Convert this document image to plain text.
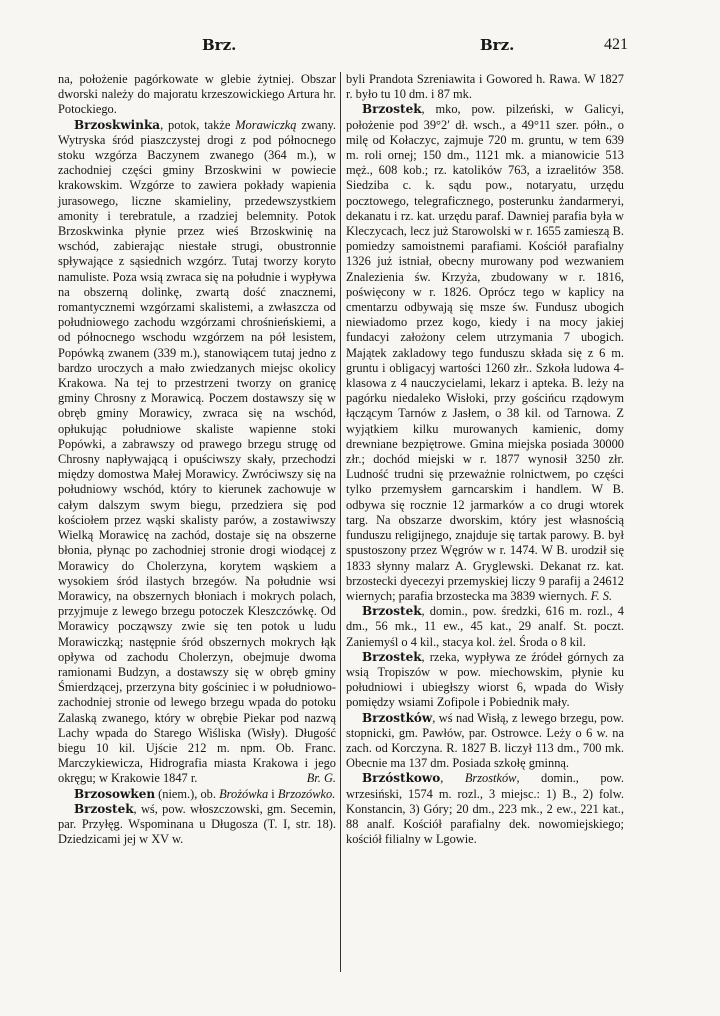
Brz.	Brz.	421

na, położenie pagórkowate w glebie żytniej. Obszar dworski należy do majoratu krzeszowickiego Artura hr. Potockiego.

Brzoskwinka, potok, także Morawiczką zwany. Wytryska śród piaszczystej drogi z pod północnego stoku wzgórza Baczynem zwanego (364 m.), w zachodniej części gminy Brzoskwini w powiecie krakowskim. Wzgórze to zawiera pokłady wapienia jurasowego, liczne skamieliny, przedewszystkiem amonity i terebratule, a rzadziej belemnity. Potok Brzoskwinka płynie przez wieś Brzoskwinię na wschód, zabierając niestałe strugi, obustronnie spływające z sąsiednich wzgórz. Tutaj tworzy koryto namuliste. Poza wsią zwraca się na południe i wypływa na obszerną dolinkę, zwartą dość znacznemi, romantycznemi wzgórzami skalistemi, a zwłaszcza od południowego zachodu wzgórzami chrośnieńskiemi, a od północnego wschodu wzgórzem na pół lesistem, Popówką zwanem (339 m.), stanowiącem tutaj jedno z bardzo uroczych a mało zwiedzanych miejsc okolicy Krakowa. Na tej to przestrzeni tworzy on granicę gminy Chrosny z Morawicą. Poczem dostawszy się w obręb gminy Morawicy, zwraca się na wschód, opłukując południowe skaliste wapienne stoki Popówki, a zabrawszy od prawego brzegu strugę od Chrosny napływającą i opuściwszy skały, przechodzi między domostwa Małej Morawicy. Zwróciwszy się na południowy wschód, który to kierunek zachowuje w całym dalszym swym biegu, przedziera się pod kościołem przez wąski skalisty parów, a zostawiwszy Wielką Morawicę na zachód, dostaje się na obszerne błonia, płynąc po zachodniej stronie drogi wiodącej z Morawicy do Cholerzyna, korytem wąskiem a wysokiem śród ilastych brzegów. Na południe wsi Morawicy, na obszernych błoniach i mokrych polach, przyjmuje z lewego brzegu potoczek Kleszczówkę. Od Morawicy począwszy zwie się ten potok u ludu Morawiczką; następnie śród obszernych mokrych łąk opływa od zachodu Cholerzyn, obejmuje dwoma ramionami Budzyn, a dostawszy się w obręb gminy Śmierdzącej, przerzyna bity gościniec i w południowo-zachodniej stronie od lewego brzegu wpada do potoku Zalaską zwanego, który w obrębie Piekar pod nazwą Lachy wpada do Starego Wiśliska (Wisły). Długość biegu 10 kil. Ujście 212 m. npm. Ob. Franc. Marczykiewicza, Hidrografia miasta Krakowa i jego okręgu; w Krakowie 1847 r.	Br. G.

Brzosowken (niem.), ob. Brożówka i Brzozówko.

Brzostek, wś, pow. włoszczowski, gm. Secemin, par. Przyłęg. Wspominana u Długosza (T. I, str. 18). Dziedzicami jej w XV w.

byli Prandota Szreniawita i Gowored h. Rawa. W 1827 r. było tu 10 dm. i 87 mk.

Brzostek, mko, pow. pilzeński, w Galicyi, położenie pod 39°2′ dł. wsch., a 49°11 szer. półn., o milę od Kołaczyc, zajmuje 720 m. gruntu, w tem 639 m. roli ornej; 150 dm., 1121 mk. a mianowicie 513 męż., 608 kob.; rz. katolików 763, a izraelitów 358. Siedziba c. k. sądu pow., notaryatu, urzędu pocztowego, telegraficznego, posterunku żandarmeryi, dekanatu i rz. kat. urzędu paraf. Dawniej parafia była w Kleczycach, lecz już Starowolski w r. 1655 zamieszą B. pomiedzy samoistnemi parafiami. Kościół parafialny 1326 już istniał, obecny murowany pod wezwaniem Znalezienia św. Krzyża, zbudowany w r. 1816, poświęcony w r. 1826. Oprócz tego w kaplicy na cmentarzu odbywają się msze św. Fundusz ubogich niewiadomo przez kogo, kiedy i na mocy jakiej fundacyi założony celem utrzymania 7 ubogich. Majątek zakladowy tego funduszu składa się z 6 m. gruntu i obligacyj wartości 1260 złr.. Szkoła ludowa 4-klasowa z 4 nauczycielami, lekarz i apteka. B. leży na pagórku niedaleko Wisłoki, przy gościńcu rządowym łączącym Tarnów z Jasłem, o 38 kil. od Tarnowa. Z wyjątkiem kilku murowanych kamienic, domy drewniane bezpiętrowe. Gmina miejska posiada 30000 złr.; dochód miejski w r. 1877 wynosił 3250 złr. Ludność trudni się przeważnie rolnictwem, po części tylko przemysłem garncarskim i handlem. W B. odbywa się rocznie 12 jarmarków a co drugi wtorek targ. Na obszarze dworskim, który jest własnością funduszu religijnego, znajduje się tartak parowy. B. był spustoszony przez Węgrów w r. 1474. W B. urodził się 1833 słynny malarz A. Gryglewski. Dekanat rz. kat. brzostecki dyecezyi przemyskiej liczy 9 parafij a 24612 wiernych; parafia brzostecka ma 3839 wiernych. F. S.

Brzostek, domin., pow. średzki, 616 m. rozl., 4 dm., 56 mk., 11 ew., 45 kat., 29 analf. St. poczt. Zaniemyśl o 4 kil., stacya kol. żel. Środa o 8 kil.

Brzostek, rzeka, wypływa ze źródeł górnych za wsią Tropiszów w pow. miechowskim, płynie ku południowi i ubiegłszy wiorst 6, wpada do Wisły pomiędzy wsiami Zofipole i Pobiednik mały.

Brzostków, wś nad Wisłą, z lewego brzegu, pow. stopnicki, gm. Pawłów, par. Ostrowce. Leży o 6 w. na zach. od Korczyna. R. 1827 B. liczył 113 dm., 700 mk. Obecnie ma 137 dm. Posiada szkołę gminną.

Brzóstkowo, Brzostków, domin., pow. wrzesiński, 1574 m. rozl., 3 miejsc.: 1) B., 2) folw. Konstancin, 3) Góry; 20 dm., 223 mk., 2 ew., 221 kat., 88 analf. Kościół parafialny dek. nowomiejskiego; kościół filialny w Lgowie.
